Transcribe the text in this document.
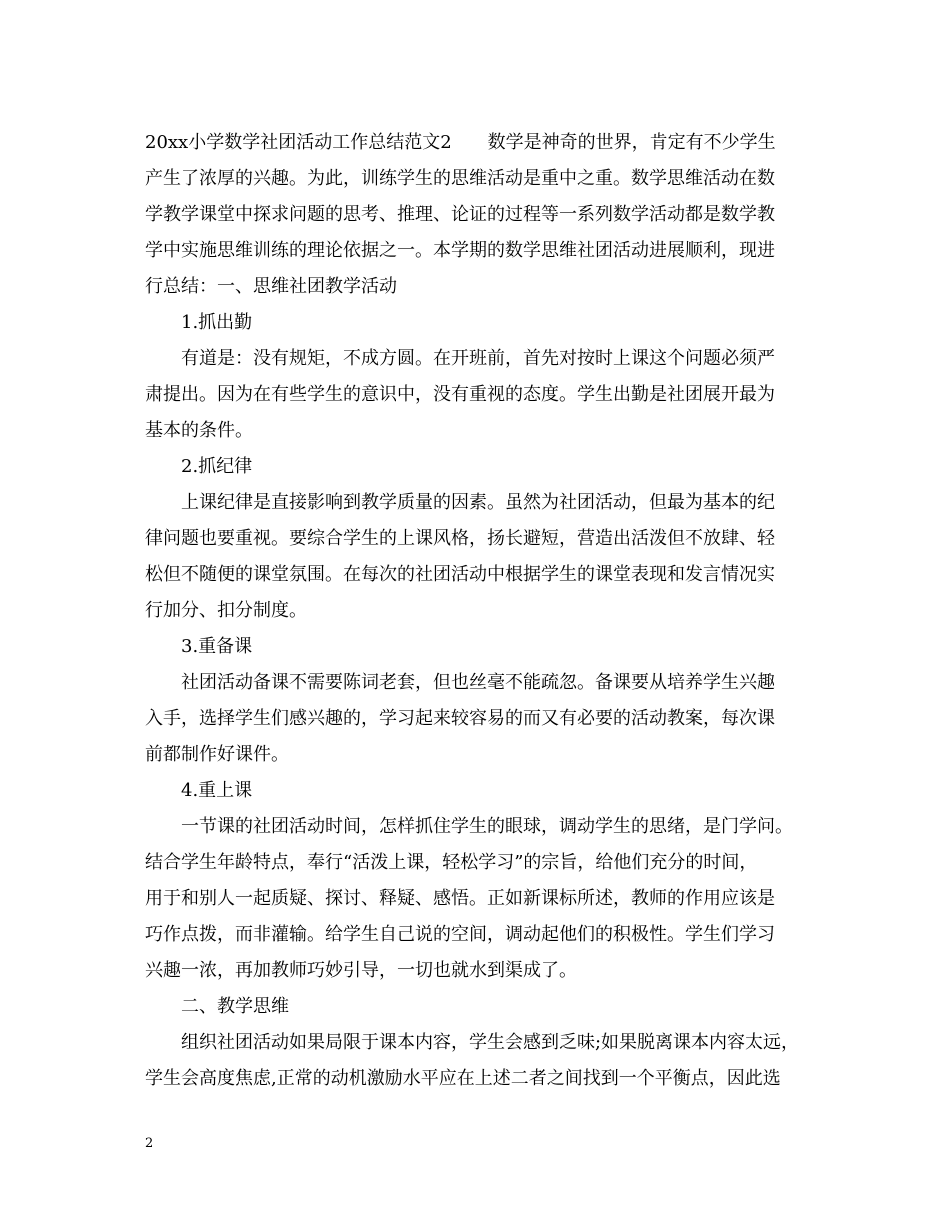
20xx小学数学社团活动工作总结范文2　　数学是神奇的世界，肯定有不少学生
产生了浓厚的兴趣。为此，训练学生的思维活动是重中之重。数学思维活动在数
学教学课堂中探求问题的思考、推理、论证的过程等一系列数学活动都是数学教
学中实施思维训练的理论依据之一。本学期的数学思维社团活动进展顺利，现进
行总结：一、思维社团教学活动
1.抓出勤
有道是：没有规矩，不成方圆。在开班前，首先对按时上课这个问题必须严
肃提出。因为在有些学生的意识中，没有重视的态度。学生出勤是社团展开最为
基本的条件。
2.抓纪律
上课纪律是直接影响到教学质量的因素。虽然为社团活动，但最为基本的纪
律问题也要重视。要综合学生的上课风格，扬长避短，营造出活泼但不放肆、轻
松但不随便的课堂氛围。在每次的社团活动中根据学生的课堂表现和发言情况实
行加分、扣分制度。
3.重备课
社团活动备课不需要陈词老套，但也丝毫不能疏忽。备课要从培养学生兴趣
入手，选择学生们感兴趣的，学习起来较容易的而又有必要的活动教案，每次课
前都制作好课件。
4.重上课
一节课的社团活动时间，怎样抓住学生的眼球，调动学生的思绪，是门学问。
结合学生年龄特点，奉行“活泼上课，轻松学习”的宗旨，给他们充分的时间，
用于和别人一起质疑、探讨、释疑、感悟。正如新课标所述，教师的作用应该是
巧作点拨，而非灌输。给学生自己说的空间，调动起他们的积极性。学生们学习
兴趣一浓，再加教师巧妙引导，一切也就水到渠成了。
二、教学思维
组织社团活动如果局限于课本内容，学生会感到乏味;如果脱离课本内容太远，
学生会高度焦虑,正常的动机激励水平应在上述二者之间找到一个平衡点，因此选
2
